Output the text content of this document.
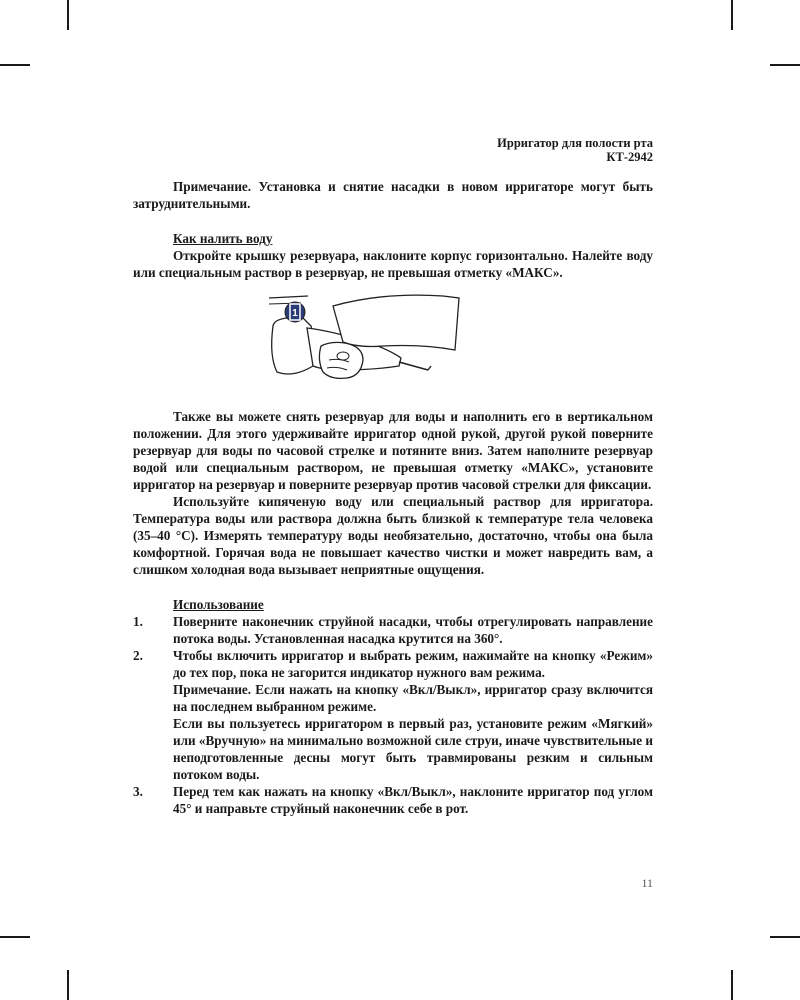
Ирригатор для полости рта
КТ-2942

Примечание. Установка и снятие насадки в новом ирригаторе могут быть затруднительными.

Как налить воду

Откройте крышку резервуара, наклоните корпус горизонтально. Налейте воду или специальным раствор в резервуар, не превышая отметку «МАКС».

1

Также вы можете снять резервуар для воды и наполнить его в вертикальном положении. Для этого удерживайте ирригатор одной рукой, другой рукой поверните резервуар для воды по часовой стрелке и потяните вниз. Затем наполните резервуар водой или специальным раствором, не превышая отметку «МАКС», установите ирригатор на резервуар и поверните резервуар против часовой стрелки для фиксации.

Используйте кипяченую воду или специальный раствор для ирригатора. Температура воды или раствора должна быть близкой к температуре тела человека (35–40 °С). Измерять температуру воды необязательно, достаточно, чтобы она была комфортной. Горячая вода не повышает качество чистки и может навредить вам, а слишком холодная вода вызывает неприятные ощущения.

Использование

1. Поверните наконечник струйной насадки, чтобы отрегулировать направление потока воды. Установленная насадка крутится на 360°.
2. Чтобы включить ирригатор и выбрать режим, нажимайте на кнопку «Режим» до тех пор, пока не загорится индикатор нужного вам режима.

Примечание. Если нажать на кнопку «Вкл/Выкл», ирригатор сразу включится на последнем выбранном режиме.

Если вы пользуетесь ирригатором в первый раз, установите режим «Мягкий» или «Вручную» на минимально возможной силе струи, иначе чувствительные и неподготовленные десны могут быть травмированы резким и сильным потоком воды.

3. Перед тем как нажать на кнопку «Вкл/Выкл», наклоните ирригатор под углом 45° и направьте струйный наконечник себе в рот.
11
